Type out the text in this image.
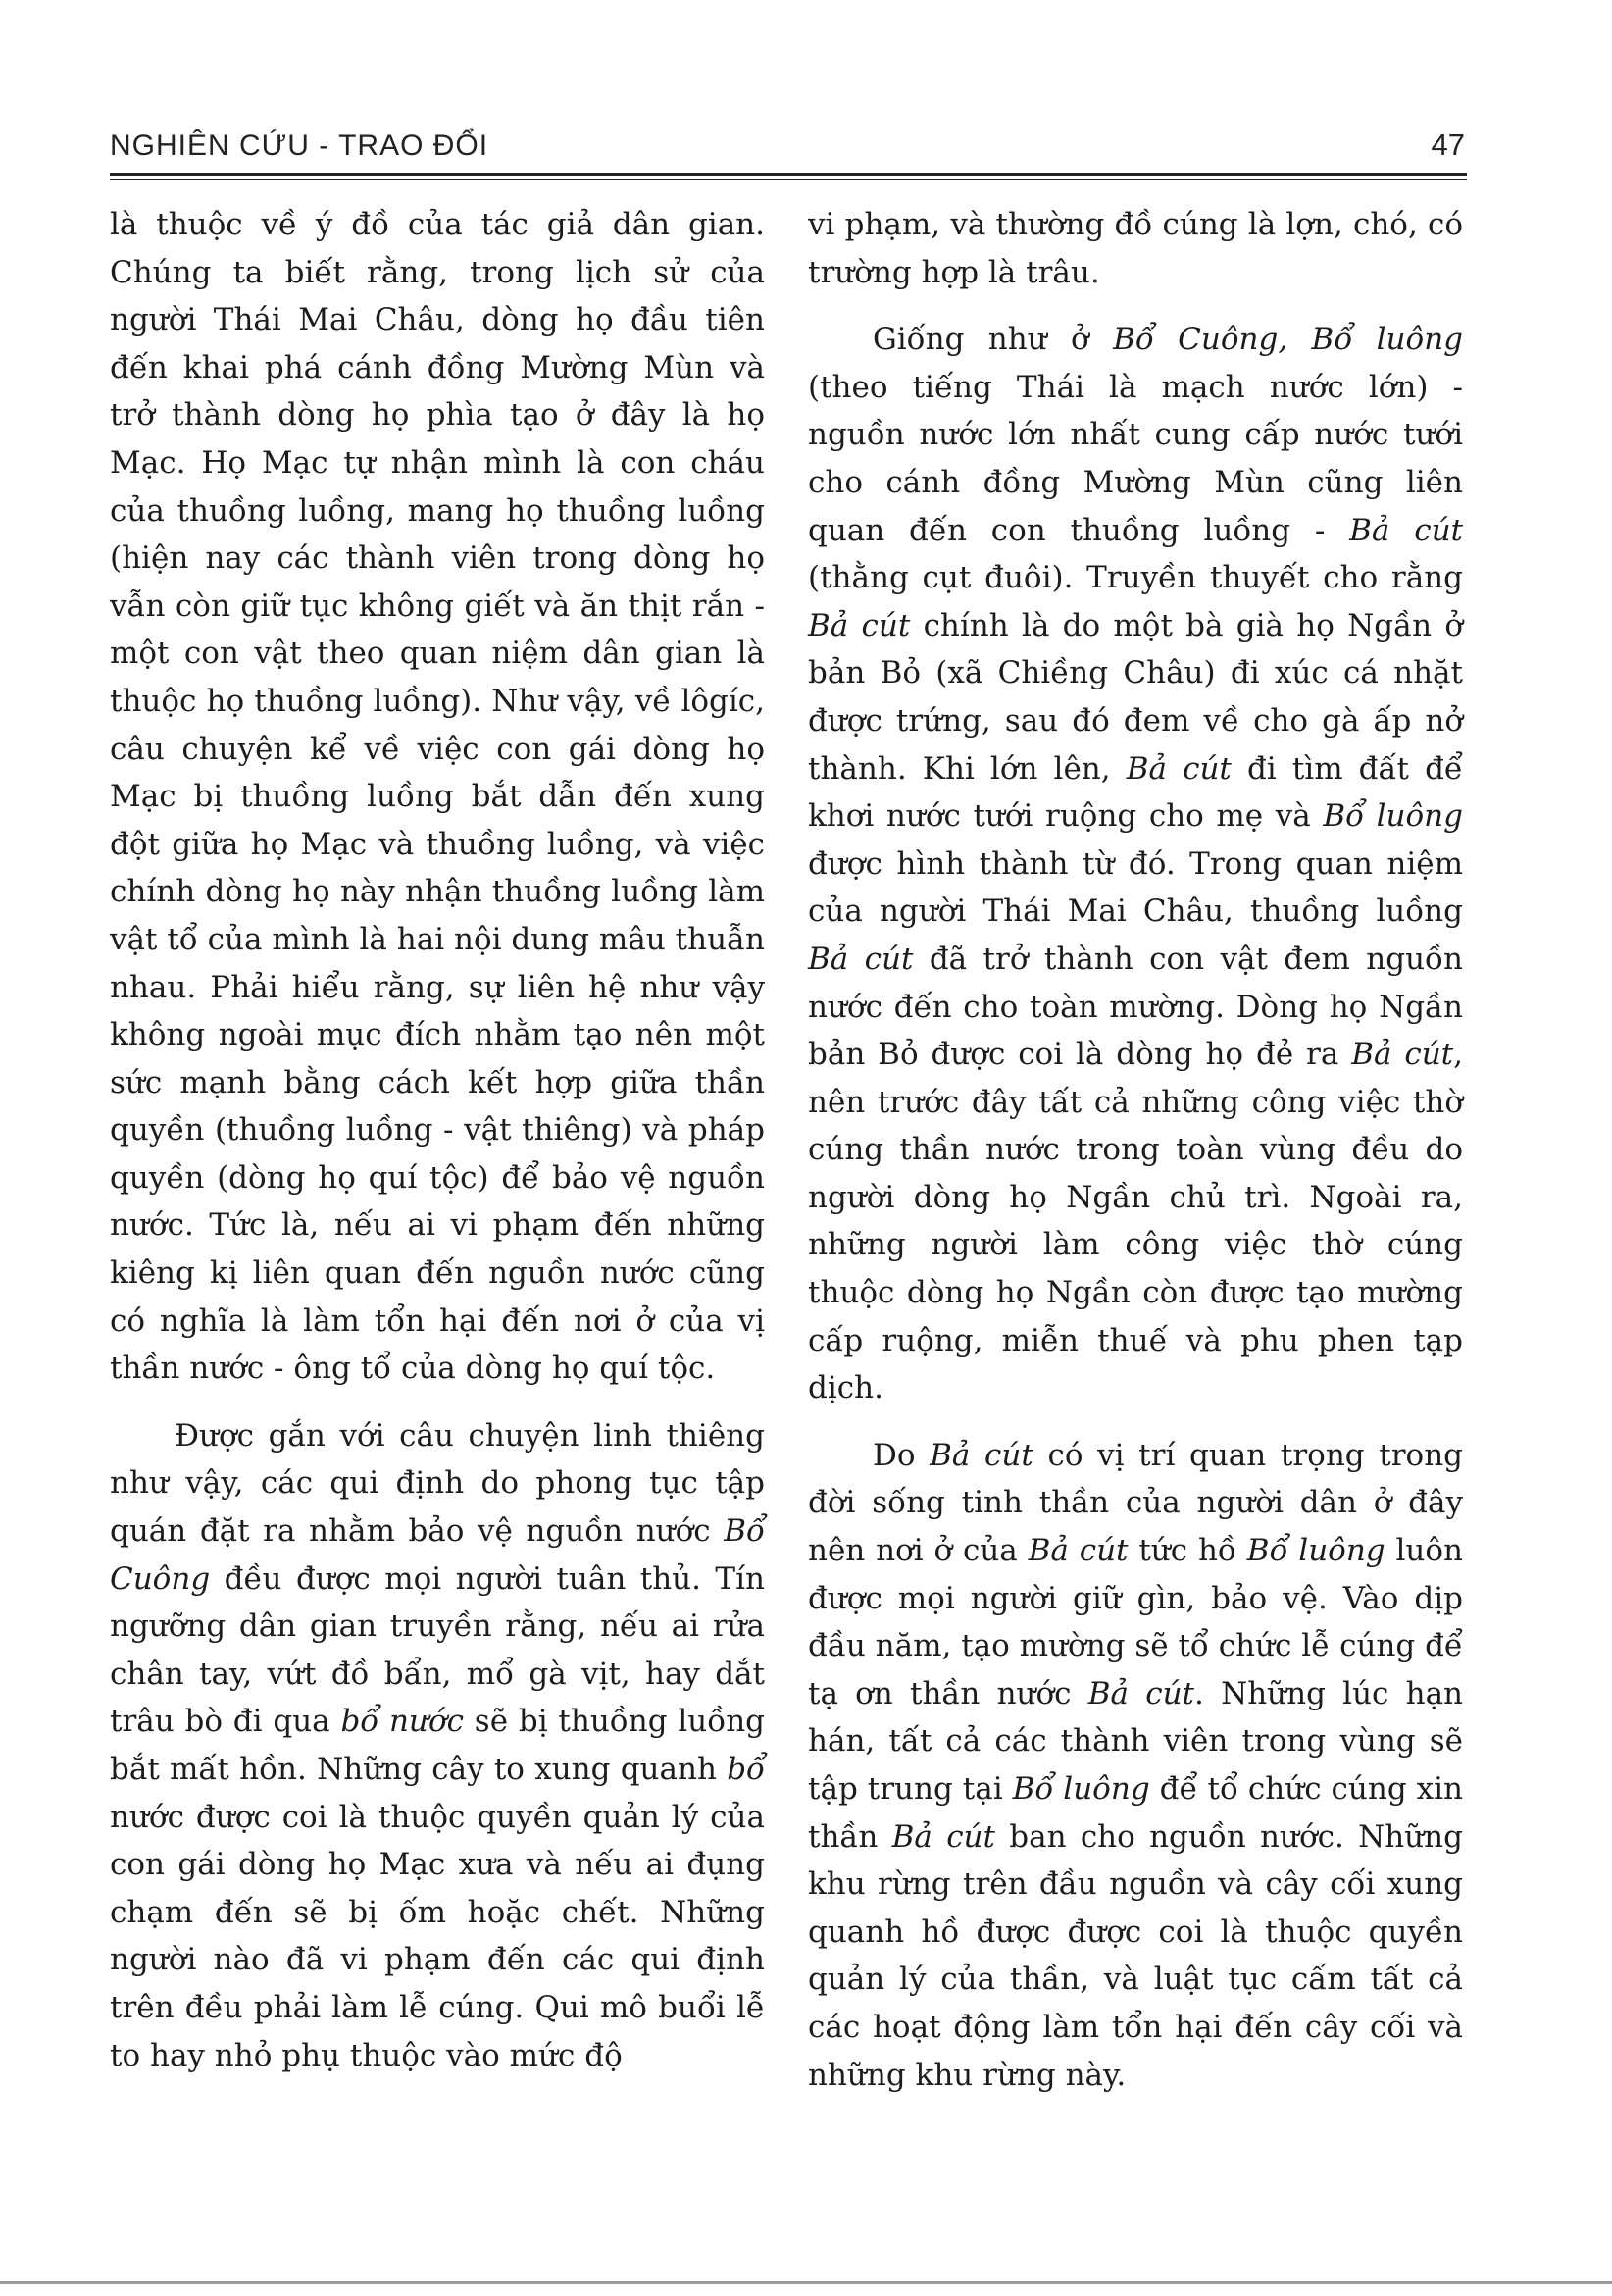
NGHIÊN CỨU - TRAO ĐỔI	47

là thuộc về ý đồ của tác giả dân gian. Chúng ta biết rằng, trong lịch sử của người Thái Mai Châu, dòng họ đầu tiên đến khai phá cánh đồng Mường Mùn và trở thành dòng họ phìa tạo ở đây là họ Mạc. Họ Mạc tự nhận mình là con cháu của thuồng luồng, mang họ thuồng luồng (hiện nay các thành viên trong dòng họ vẫn còn giữ tục không giết và ăn thịt rắn - một con vật theo quan niệm dân gian là thuộc họ thuồng luồng). Như vậy, về lôgíc, câu chuyện kể về việc con gái dòng họ Mạc bị thuồng luồng bắt dẫn đến xung đột giữa họ Mạc và thuồng luồng, và việc chính dòng họ này nhận thuồng luồng làm vật tổ của mình là hai nội dung mâu thuẫn nhau. Phải hiểu rằng, sự liên hệ như vậy không ngoài mục đích nhằm tạo nên một sức mạnh bằng cách kết hợp giữa thần quyền (thuồng luồng - vật thiêng) và pháp quyền (dòng họ quí tộc) để bảo vệ nguồn nước. Tức là, nếu ai vi phạm đến những kiêng kị liên quan đến nguồn nước cũng có nghĩa là làm tổn hại đến nơi ở của vị thần nước - ông tổ của dòng họ quí tộc.

Được gắn với câu chuyện linh thiêng như vậy, các qui định do phong tục tập quán đặt ra nhằm bảo vệ nguồn nước Bổ Cuông đều được mọi người tuân thủ. Tín ngưỡng dân gian truyền rằng, nếu ai rửa chân tay, vứt đồ bẩn, mổ gà vịt, hay dắt trâu bò đi qua bổ nước sẽ bị thuồng luồng bắt mất hồn. Những cây to xung quanh bổ nước được coi là thuộc quyền quản lý của con gái dòng họ Mạc xưa và nếu ai đụng chạm đến sẽ bị ốm hoặc chết. Những người nào đã vi phạm đến các qui định trên đều phải làm lễ cúng. Qui mô buổi lễ to hay nhỏ phụ thuộc vào mức độ

vi phạm, và thường đồ cúng là lợn, chó, có trường hợp là trâu.

Giống như ở Bổ Cuông, Bổ luông (theo tiếng Thái là mạch nước lớn) - nguồn nước lớn nhất cung cấp nước tưới cho cánh đồng Mường Mùn cũng liên quan đến con thuồng luồng - Bả cút (thằng cụt đuôi). Truyền thuyết cho rằng Bả cút chính là do một bà già họ Ngần ở bản Bỏ (xã Chiềng Châu) đi xúc cá nhặt được trứng, sau đó đem về cho gà ấp nở thành. Khi lớn lên, Bả cút đi tìm đất để khơi nước tưới ruộng cho mẹ và Bổ luông được hình thành từ đó. Trong quan niệm của người Thái Mai Châu, thuồng luồng Bả cút đã trở thành con vật đem nguồn nước đến cho toàn mường. Dòng họ Ngần bản Bỏ được coi là dòng họ đẻ ra Bả cút, nên trước đây tất cả những công việc thờ cúng thần nước trong toàn vùng đều do người dòng họ Ngần chủ trì. Ngoài ra, những người làm công việc thờ cúng thuộc dòng họ Ngần còn được tạo mường cấp ruộng, miễn thuế và phu phen tạp dịch.

Do Bả cút có vị trí quan trọng trong đời sống tinh thần của người dân ở đây nên nơi ở của Bả cút tức hồ Bổ luông luôn được mọi người giữ gìn, bảo vệ. Vào dịp đầu năm, tạo mường sẽ tổ chức lễ cúng để tạ ơn thần nước Bả cút. Những lúc hạn hán, tất cả các thành viên trong vùng sẽ tập trung tại Bổ luông để tổ chức cúng xin thần Bả cút ban cho nguồn nước. Những khu rừng trên đầu nguồn và cây cối xung quanh hồ được được coi là thuộc quyền quản lý của thần, và luật tục cấm tất cả các hoạt động làm tổn hại đến cây cối và những khu rừng này.
